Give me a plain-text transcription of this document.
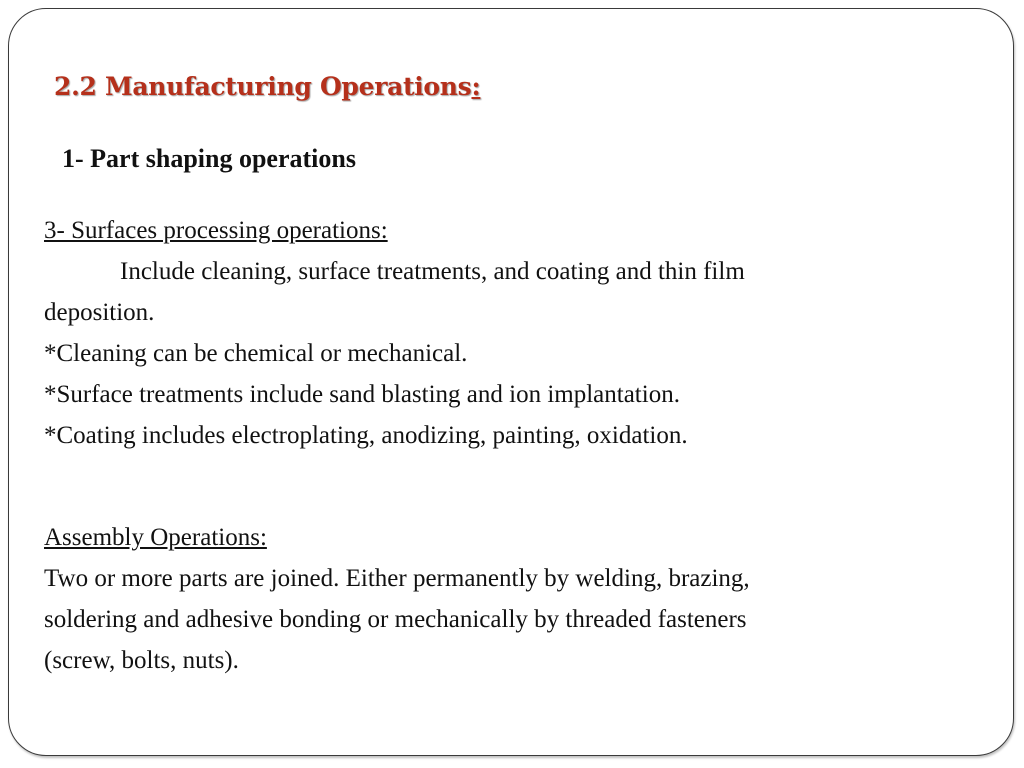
2.2 Manufacturing Operations:
1- Part shaping operations
3- Surfaces processing operations:
Include cleaning, surface treatments, and coating and thin film
deposition.
*Cleaning can be chemical or mechanical.
*Surface treatments include sand blasting and ion implantation.
*Coating includes electroplating, anodizing, painting, oxidation.
Assembly Operations:
Two or more parts are joined. Either permanently by welding, brazing,
soldering and adhesive bonding or mechanically by threaded fasteners
(screw, bolts, nuts).
